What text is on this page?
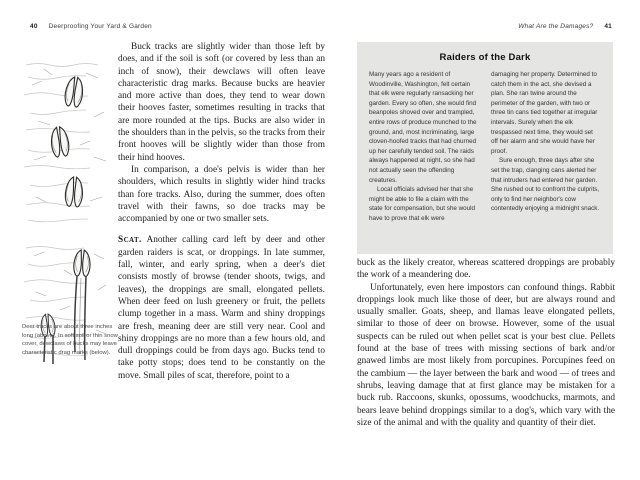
40 Deerproofing Your Yard & Garden
Deer tracks are about three inches long (above). In soft soil or thin snow cover, dewclaws of bucks may leave characteristic drag marks (below).

Buck tracks are slightly wider than those left by does, and if the soil is soft (or covered by less than an inch of snow), their dewclaws will often leave characteristic drag marks. Because bucks are heavier and more active than does, they tend to wear down their hooves faster, sometimes resulting in tracks that are more rounded at the tips. Bucks are also wider in the shoulders than in the pelvis, so the tracks from their front hooves will be slightly wider than those from their hind hooves.

In comparison, a doe's pelvis is wider than her shoulders, which results in slightly wider hind tracks than fore tracks. Also, during the summer, does often travel with their fawns, so doe tracks may be accompanied by one or two smaller sets.

Scat. Another calling card left by deer and other garden raiders is scat, or droppings. In late summer, fall, winter, and early spring, when a deer's diet consists mostly of browse (tender shoots, twigs, and leaves), the droppings are small, elongated pellets. When deer feed on lush greenery or fruit, the pellets clump together in a mass. Warm and shiny droppings are fresh, meaning deer are still very near. Cool and shiny droppings are no more than a few hours old, and dull droppings could be from days ago. Bucks tend to take potty stops; does tend to be constantly on the move. Small piles of scat, therefore, point to a

What Are the Damages? 41
Raiders of the Dark

Many years ago a resident of Woodinville, Washington, felt certain that elk were regularly ransacking her garden. Every so often, she would find beanpoles shoved over and trampled, entire rows of produce munched to the ground, and, most incriminating, large cloven-hoofed tracks that had churned up her carefully tended soil. The raids always happened at night, so she had not actually seen the offending creatures.

Local officials advised her that she might be able to file a claim with the state for compensation, but she would have to prove that elk were

damaging her property. Determined to catch them in the act, she devised a plan. She ran twine around the perimeter of the garden, with two or three tin cans tied together at irregular intervals. Surely when the elk trespassed next time, they would set off her alarm and she would have her proof.

Sure enough, three days after she set the trap, clanging cans alerted her that intruders had entered her garden. She rushed out to confront the culprits, only to find her neighbor's cow contentedly enjoying a midnight snack.

buck as the likely creator, whereas scattered droppings are probably the work of a meandering doe.

Unfortunately, even here impostors can confound things. Rabbit droppings look much like those of deer, but are always round and usually smaller. Goats, sheep, and llamas leave elongated pellets, similar to those of deer on browse. However, some of the usual suspects can be ruled out when pellet scat is your best clue. Pellets found at the base of trees with missing sections of bark and/or gnawed limbs are most likely from porcupines. Porcupines feed on the cambium — the layer between the bark and wood — of trees and shrubs, leaving damage that at first glance may be mistaken for a buck rub. Raccoons, skunks, opossums, woodchucks, marmots, and bears leave behind droppings similar to a dog's, which vary with the size of the animal and with the quality and quantity of their diet.
